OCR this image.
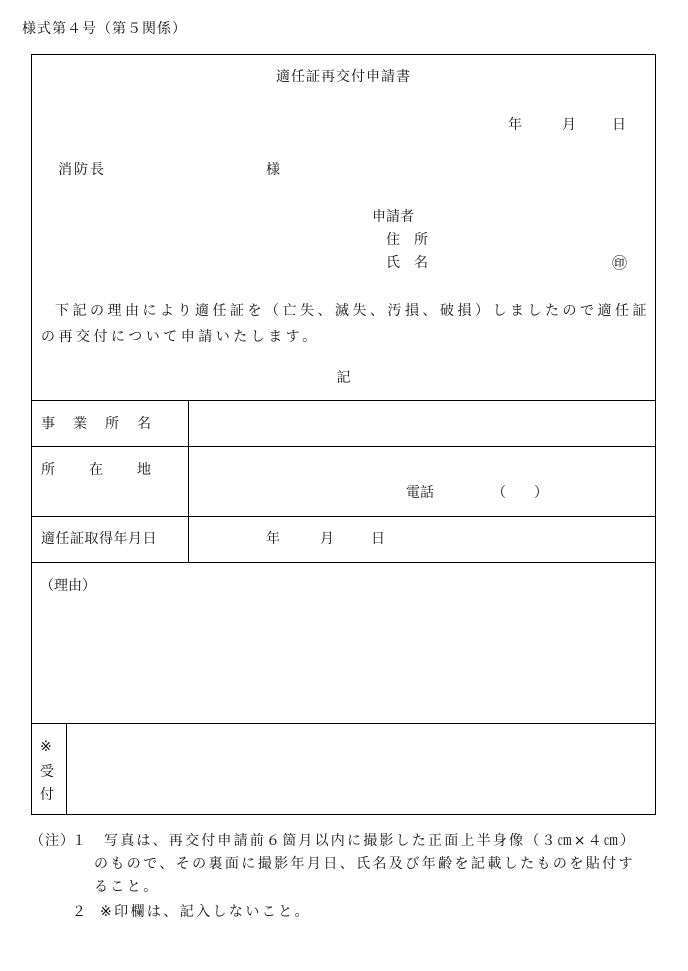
様式第４号（第５関係）
適任証再交付申請書
年	月	日
消防長	様
申請者
住　所
氏　名	㊞
下記の理由により適任証を（亡失、滅失、汚損、破損）しましたので適任証の再交付について申請いたします。
記
事　業　所　名
所　　在　　地
電話	（　　）
適任証取得年月日	年	月	日
（理由）
※
受
付
（注）
１ 写真は、再交付申請前６箇月以内に撮影した正面上半身像（３㎝×４㎝）
のもので、その裏面に撮影年月日、氏名及び年齢を記載したものを貼付す
ること。
２ ※印欄は、記入しないこと。
